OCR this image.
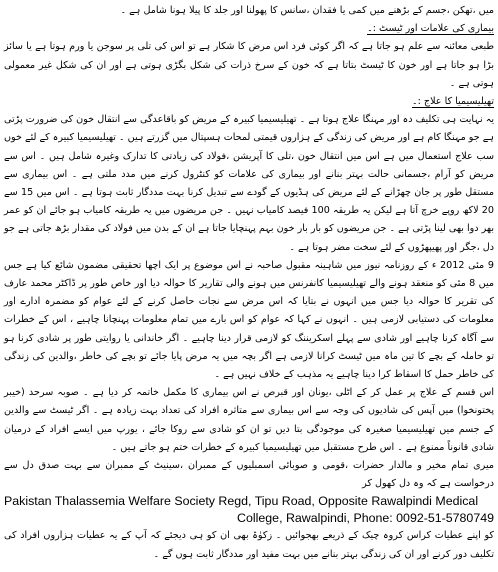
میں ،تھکن ،جسم کے بڑھنے میں کمی یا فقدان ،سانس کا پھولنا اور جلد کا پیلا ہونا شامل ہے ۔

بیماری کی علامات اور ٹیسٹ :۔

طبعی معائنہ سے علم ہو جاتا ہے کہ اگر کوئی فرد اس مرض کا شکار ہے تو اس کی تلی پر سوجن یا ورم ہوتا ہے یا سائز بڑا ہو جاتا ہے اور خون کا ٹیسٹ بتاتا ہے کہ خون کے سرخ ذرات کی شکل بگڑی ہوتی ہے اور ان کی شکل غیر معمولی ہوتی ہے ۔

تھیلیسیمیا کا علاج :۔

یہ نہایت ہی تکلیف دہ اور مہنگا علاج ہوتا ہے ۔ تھیلیسیمیا کبیرہ کے مریض کو باقاعدگی سے انتقال خون کی ضرورت پڑتی ہے جو مہنگا کام ہے اور مریض کی زندگی کے ہزاروں قیمتی لمحات ہسپتال میں گزرتے ہیں ۔ تھیلیسیمیا کبیرہ کے لئے خوں سب علاج استعمال میں ہے اس میں انتقال خون ،تلی کا آپریشن ،فولاد کی زیادتی کا تدارک وغیرہ شامل ہیں ۔ اس سے مریض کو آرام ،جسمانی حالت بہتر بنانے اور بیماری کی علامات کو کنٹرول کرنے میں مدد ملتی ہے ۔ اس بیماری سے مستقل طور پر جان چھڑانے کے لئے مریض کی ہڈیوں کے گودے سے تبدیل کرنا بہت مددگار ثابت ہوتا ہے ۔ اس میں 15 سے 20 لاکھ روپے خرچ آتا ہے لیکن یہ طریقہ 100 فیصد کامیاب نہیں ۔ جن مریضوں میں یہ طریقہ کامیاب ہو جائے ان کو عمر بھر دوا بھی لینا پڑتی ہے ۔ جن مریضوں کو بار بار خون بہم پہنچایا جاتا ہے ان کے بدن میں فولاد کی مقدار بڑھ جاتی ہے جو دل ،جگر اور پھیپھڑوں کے لئے سخت مضر ہوتا ہے ۔

9 مئی 2012 ء کے روزنامہ نیوز میں شاہینہ مقبول صاحبہ نے اس موضوع پر ایک اچھا تحقیقی مضمون شائع کیا ہے جس میں 8 مئی کو منعقد ہونے والے تھیلیسیمیا کانفرنس میں ہونے والی تقاریر کا حوالہ دیا اور خاص طور پر ڈاکٹر محمد عارف کی تقریر کا حوالہ دیا جس میں انہوں نے بتایا کہ اس مرض سے نجات حاصل کرنے کے لئے عوام کو مضمرہ ادارے اور معلومات کی دستیابی لازمی ہیں ۔ انہوں نے کہا کہ عوام کو اس بارے میں تمام معلومات پہنچانا چاہیے ، اس کے خطرات سے آگاہ کرنا چاہیے اور شادی سے پہلے اسکریننگ کو لازمی قرار دینا چاہیے ۔ اگر خاندانی یا روایتی طور پر شادی کرنا ہو تو حاملہ کے بچے کا تین ماہ میں ٹیسٹ کرانا لازمی ہے اگر بچہ میں یہ مرض پایا جائے تو بچے کی خاطر ،والدین کی زندگی کی خاطر حمل کا اسقاط کرا دینا چاہیے یہ مذہب کے خلاف نہیں ہے ۔

اس قسم کے علاج پر عمل کر کے اٹلی ،یونان اور قبرص نے اس بیماری کا مکمل خاتمہ کر دیا ہے ۔ صوبہ سرحد (خیبر پختونخوا) میں آپس کی شادیوں کی وجہ سے اس بیماری سے متاثرہ افراد کی تعداد بہت زیادہ ہے ۔ اگر ٹیسٹ سے والدین کے جسم میں تھیلیسیمیا صغیرہ کی موجودگی بتا دیں تو ان کو شادی سے روکا جائے ، یورپ میں ایسے افراد کے درمیان شادی قانوناً ممنوع ہے ۔ اس طرح مستقبل میں تھیلیسیمیا کبیرہ کے خطرات ختم ہو جاتے ہیں ۔

میری تمام مخیر و مالدار حضرات ،قومی و صوبائی اسمبلیوں کے ممبران ،سینیٹ کے ممبران سے بہت صدق دل سے درخواست ہے کہ وہ دل کھول کر

Pakistan Thalassemia Welfare Society Regd, Tipu Road, Opposite Rawalpindi Medical

College, Rawalpindi, Phone: 0092-51-5780749

کو اپنے عطیات کراس کروہ چیک کے ذریعے بھجوائیں ۔ زکوٰۃ بھی ان کو ہی دیجئے کہ آپ کے یہ عطیات ہزاروں افراد کی تکلیف دور کرنے اور ان کی زندگی بہتر بنانے میں بہت مفید اور مددگار ثابت ہوں گے ۔
